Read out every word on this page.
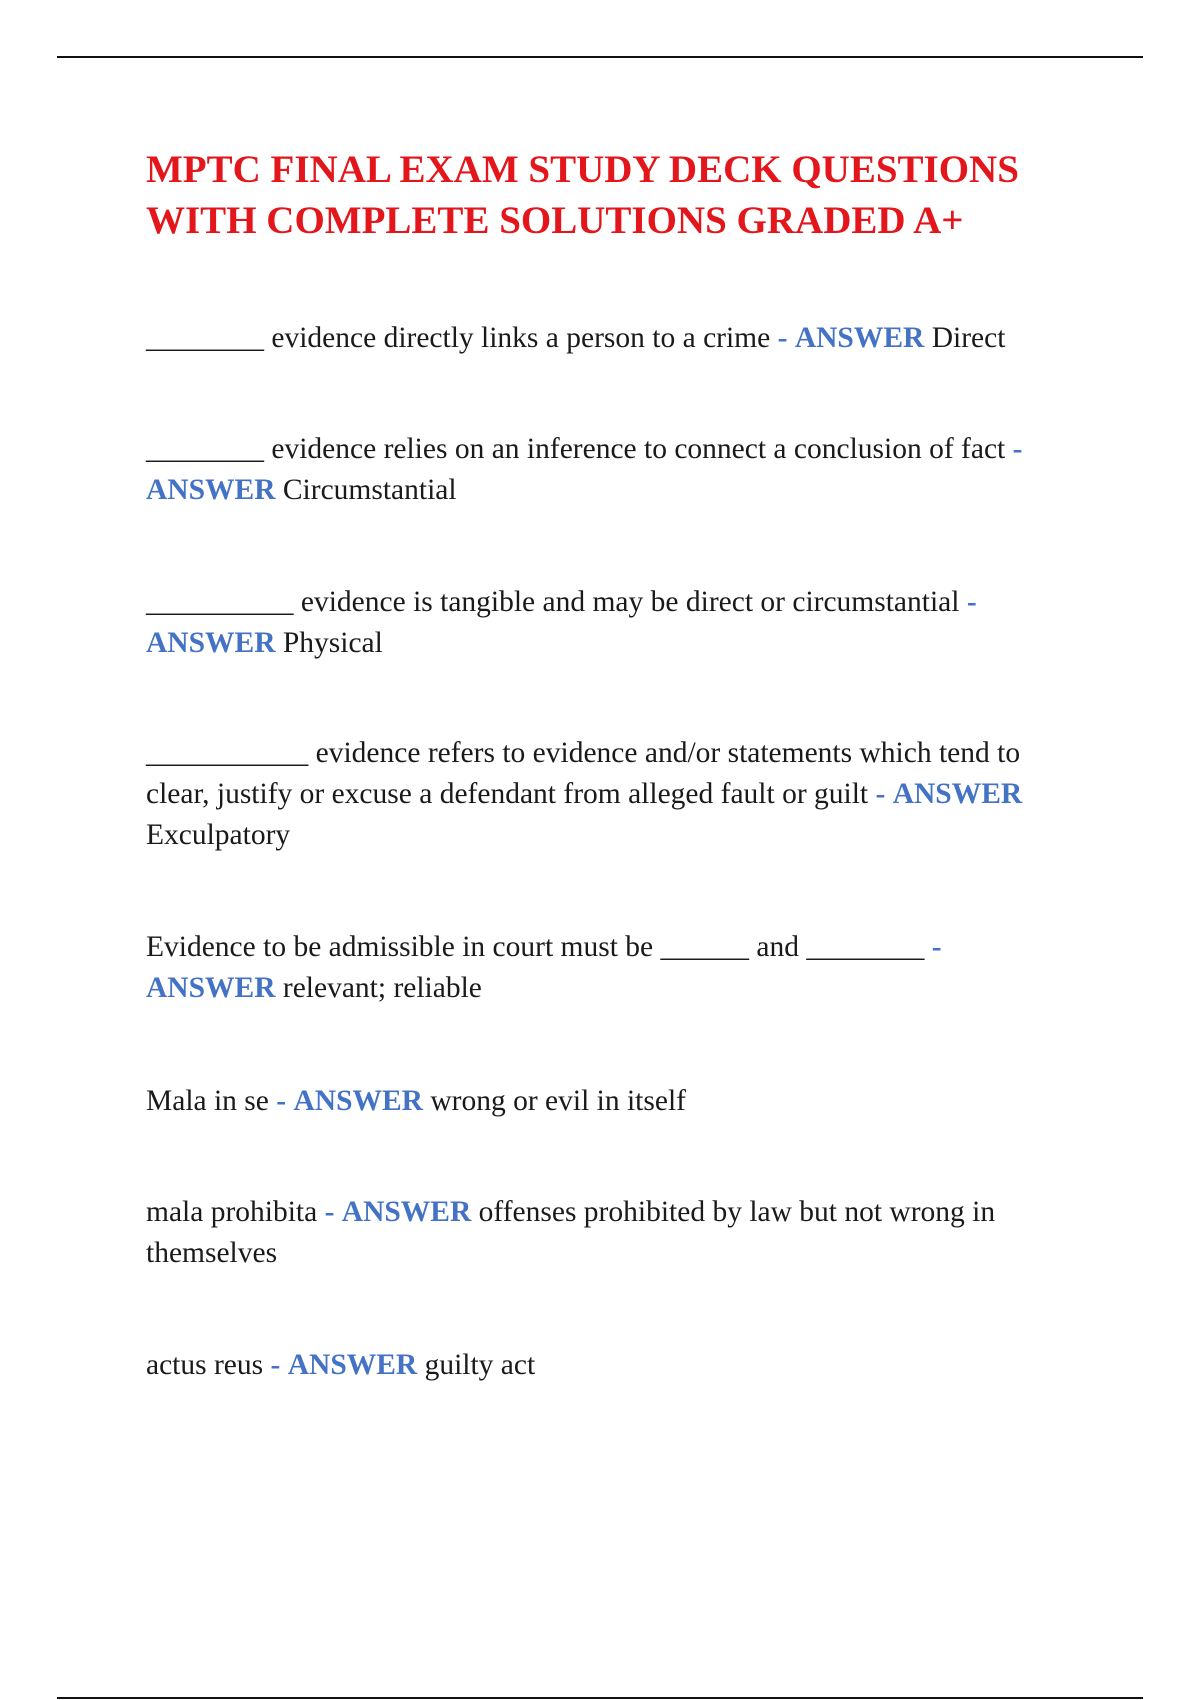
MPTC FINAL EXAM STUDY DECK QUESTIONS
WITH COMPLETE SOLUTIONS GRADED A+
________ evidence directly links a person to a crime - ANSWER Direct
________ evidence relies on an inference to connect a conclusion of fact -
ANSWER Circumstantial
__________ evidence is tangible and may be direct or circumstantial -
ANSWER Physical
___________ evidence refers to evidence and/or statements which tend to
clear, justify or excuse a defendant from alleged fault or guilt - ANSWER
Exculpatory
Evidence to be admissible in court must be ______ and ________ -
ANSWER relevant; reliable
Mala in se - ANSWER wrong or evil in itself
mala prohibita - ANSWER offenses prohibited by law but not wrong in
themselves
actus reus - ANSWER guilty act
